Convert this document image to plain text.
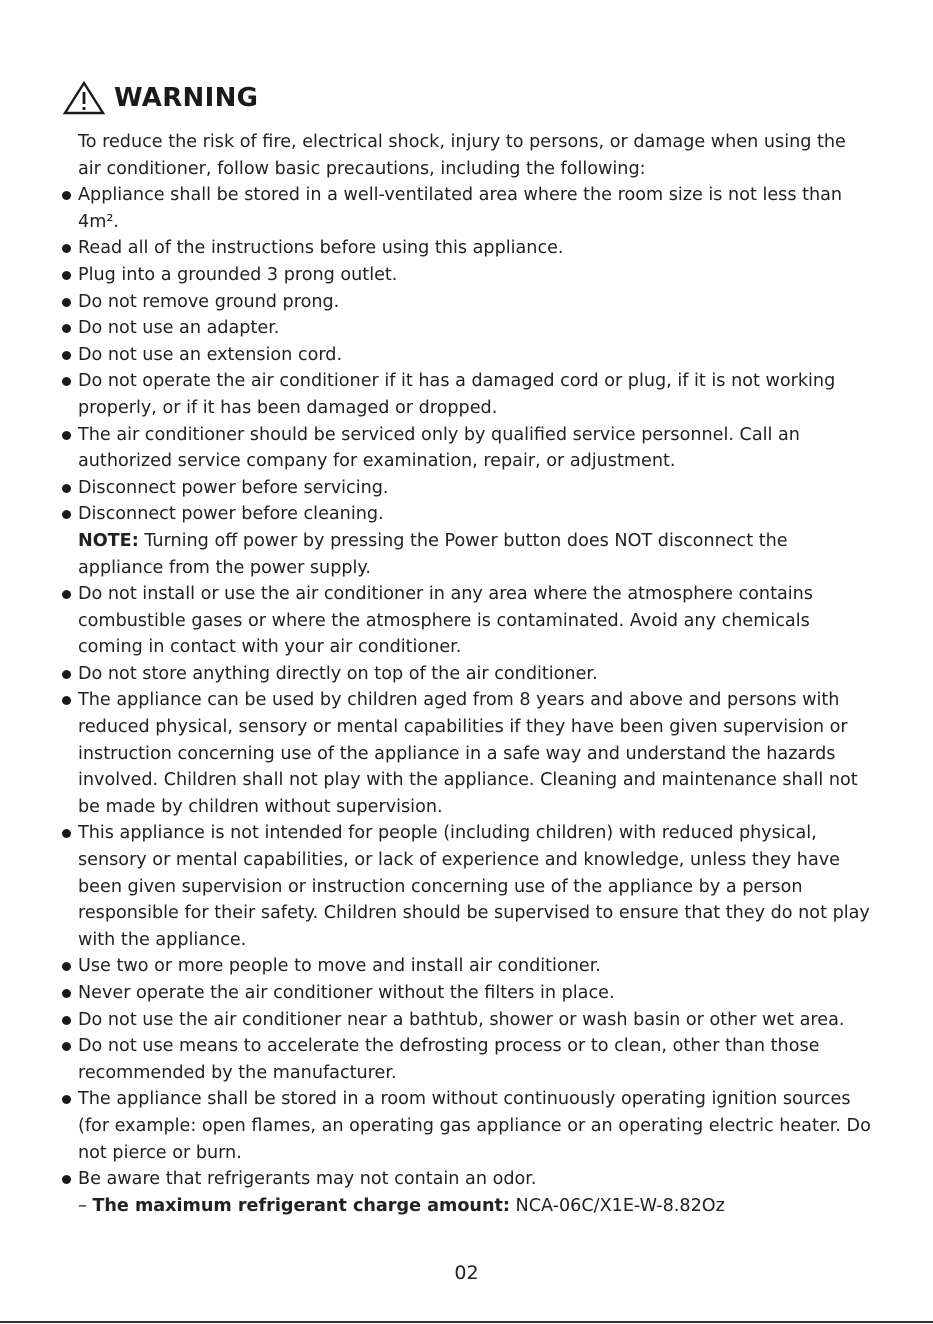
WARNING
To reduce the risk of fire, electrical shock, injury to persons, or damage when using the air conditioner, follow basic precautions, including the following:
Appliance shall be stored in a well-ventilated area where the room size is not less than 4m².
Read all of the instructions before using this appliance.
Plug into a grounded 3 prong outlet.
Do not remove ground prong.
Do not use an adapter.
Do not use an extension cord.
Do not operate the air conditioner if it has a damaged cord or plug, if it is not working properly, or if it has been damaged or dropped.
The air conditioner should be serviced only by qualified service personnel. Call an authorized service company for examination, repair, or adjustment.
Disconnect power before servicing.
Disconnect power before cleaning.
NOTE: Turning off power by pressing the Power button does NOT disconnect the appliance from the power supply.
Do not install or use the air conditioner in any area where the atmosphere contains combustible gases or where the atmosphere is contaminated. Avoid any chemicals coming in contact with your air conditioner.
Do not store anything directly on top of the air conditioner.
The appliance can be used by children aged from 8 years and above and persons with reduced physical, sensory or mental capabilities if they have been given supervision or instruction concerning use of the appliance in a safe way and understand the hazards involved. Children shall not play with the appliance. Cleaning and maintenance shall not be made by children without supervision.
This appliance is not intended for people (including children) with reduced physical, sensory or mental capabilities, or lack of experience and knowledge, unless they have been given supervision or instruction concerning use of the appliance by a person responsible for their safety. Children should be supervised to ensure that they do not play with the appliance.
Use two or more people to move and install air conditioner.
Never operate the air conditioner without the filters in place.
Do not use the air conditioner near a bathtub, shower or wash basin or other wet area.
Do not use means to accelerate the defrosting process or to clean, other than those recommended by the manufacturer.
The appliance shall be stored in a room without continuously operating ignition sources (for example: open flames, an operating gas appliance or an operating electric heater. Do not pierce or burn.
Be aware that refrigerants may not contain an odor.
– The maximum refrigerant charge amount: NCA-06C/X1E-W-8.82Oz
02
